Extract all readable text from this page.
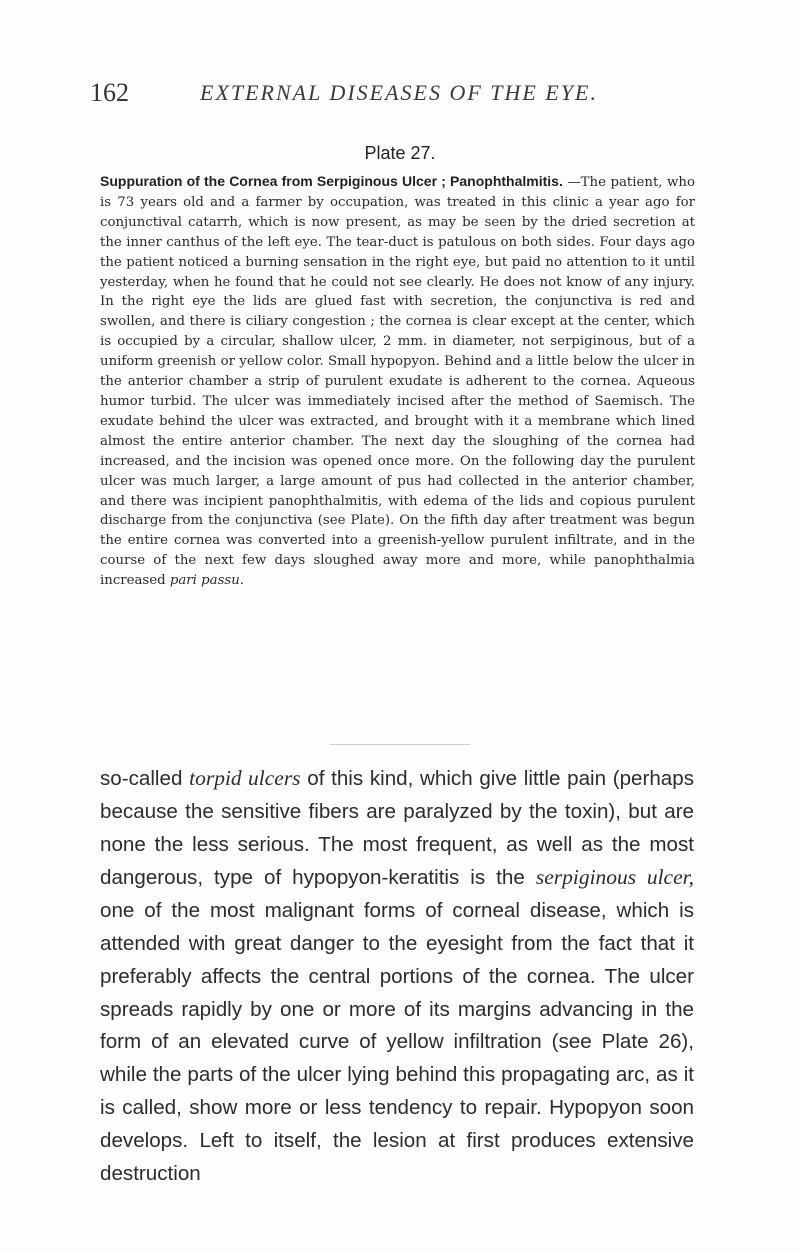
162	EXTERNAL DISEASES OF THE EYE.
Plate 27.
Suppuration of the Cornea from Serpiginous Ulcer ; Panophthalmitis. —The patient, who is 73 years old and a farmer by occupation, was treated in this clinic a year ago for conjunctival catarrh, which is now present, as may be seen by the dried secretion at the inner canthus of the left eye. The tear-duct is patulous on both sides. Four days ago the patient noticed a burning sensation in the right eye, but paid no attention to it until yesterday, when he found that he could not see clearly. He does not know of any injury. In the right eye the lids are glued fast with secretion, the conjunctiva is red and swollen, and there is ciliary congestion ; the cornea is clear except at the center, which is occupied by a circular, shallow ulcer, 2 mm. in diameter, not serpiginous, but of a uniform greenish or yellow color. Small hypopyon. Behind and a little below the ulcer in the anterior chamber a strip of purulent exudate is adherent to the cornea. Aqueous humor turbid. The ulcer was immediately incised after the method of Saemisch. The exudate behind the ulcer was extracted, and brought with it a membrane which lined almost the entire anterior chamber. The next day the sloughing of the cornea had increased, and the incision was opened once more. On the following day the purulent ulcer was much larger, a large amount of pus had collected in the anterior chamber, and there was incipient panophthalmitis, with edema of the lids and copious purulent discharge from the conjunctiva (see Plate). On the fifth day after treatment was begun the entire cornea was converted into a greenish-yellow purulent infiltrate, and in the course of the next few days sloughed away more and more, while panophthalmia increased pari passu.
so-called torpid ulcers of this kind, which give little pain (perhaps because the sensitive fibers are paralyzed by the toxin), but are none the less serious. The most frequent, as well as the most dangerous, type of hypopyon-keratitis is the serpiginous ulcer, one of the most malignant forms of corneal disease, which is attended with great danger to the eyesight from the fact that it preferably affects the central portions of the cornea. The ulcer spreads rapidly by one or more of its margins advancing in the form of an elevated curve of yellow infiltration (see Plate 26), while the parts of the ulcer lying behind this propagating arc, as it is called, show more or less tendency to repair. Hypopyon soon develops. Left to itself, the lesion at first produces extensive destruction
